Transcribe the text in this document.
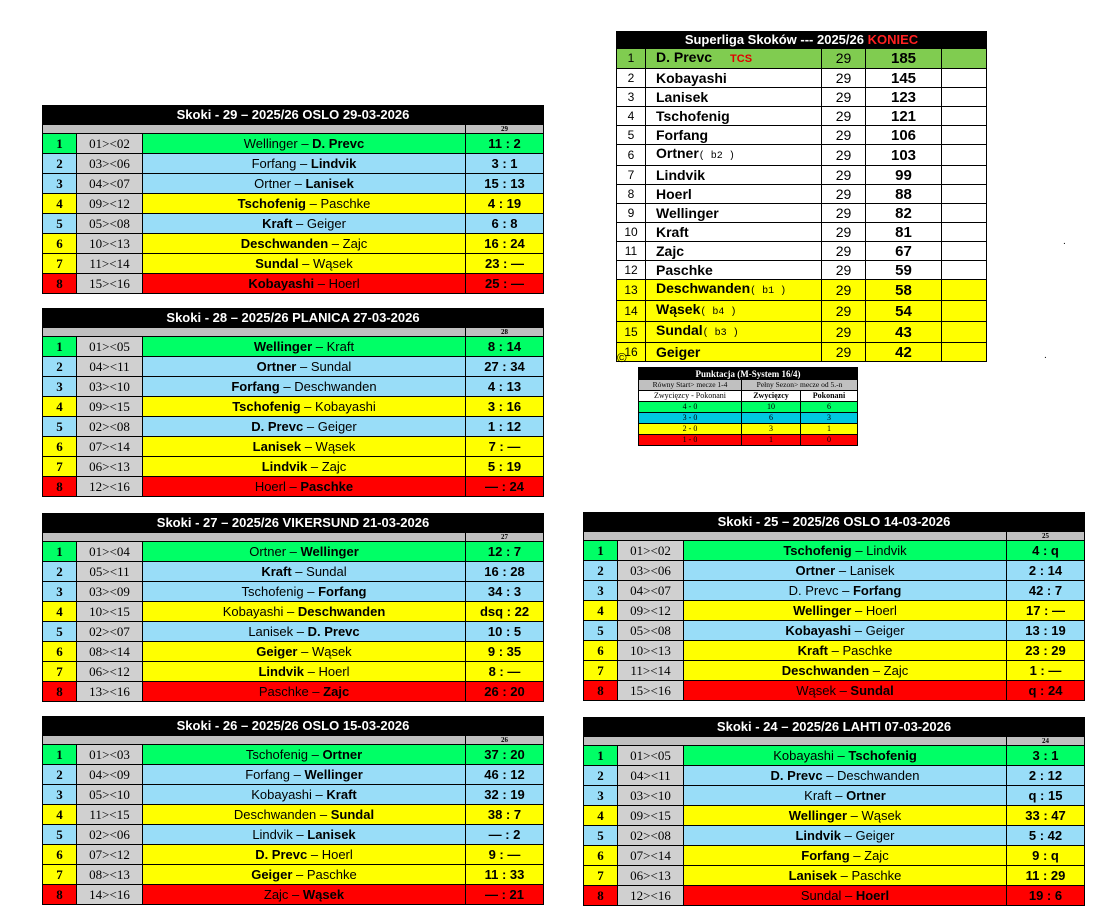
Superliga Skoków --- 2025/26 KONIEC				
1	D. Prevc TCS	29	185	
2	Kobayashi	29	145	
3	Lanisek	29	123	
4	Tschofenig	29	121	
5	Forfang	29	106	
6	Ortner( b2 )	29	103	
7	Lindvik	29	99	
8	Hoerl	29	88	
9	Wellinger	29	82	
10	Kraft	29	81	
11	Zajc	29	67	
12	Paschke	29	59	
13	Deschwanden( b1 )	29	58	
14	Wąsek( b4 )	29	54	
15	Sundal( b3 )	29	43	
16	Geiger	29	42	
©
Punktacja (M-System 16/4)		
Równy Start> mecze 1-4	Pełny Sezon> mecze od 5.-n	
Zwycięzcy - Pokonani	Zwycięzcy	Pokonani
4 - 0	10	6
3 - 0	6	3
2 - 0	3	1
1 - 0	1	0
.
.
Skoki - 29 – 2025/26 OSLO 29-03-2026			
			29
1	01><02	Wellinger – D. Prevc	11 : 2
2	03><06	Forfang – Lindvik	3 : 1
3	04><07	Ortner – Lanisek	15 : 13
4	09><12	Tschofenig – Paschke	4 : 19
5	05><08	Kraft – Geiger	6 : 8
6	10><13	Deschwanden – Zajc	16 : 24
7	11><14	Sundal – Wąsek	23 : —
8	15><16	Kobayashi – Hoerl	25 : —
Skoki - 28 – 2025/26 PLANICA 27-03-2026			
			28
1	01><05	Wellinger – Kraft	8 : 14
2	04><11	Ortner – Sundal	27 : 34
3	03><10	Forfang – Deschwanden	4 : 13
4	09><15	Tschofenig – Kobayashi	3 : 16
5	02><08	D. Prevc – Geiger	1 : 12
6	07><14	Lanisek – Wąsek	7 : —
7	06><13	Lindvik – Zajc	5 : 19
8	12><16	Hoerl – Paschke	— : 24
Skoki - 27 – 2025/26 VIKERSUND 21-03-2026			
			27
1	01><04	Ortner – Wellinger	12 : 7
2	05><11	Kraft – Sundal	16 : 28
3	03><09	Tschofenig – Forfang	34 : 3
4	10><15	Kobayashi – Deschwanden	dsq : 22
5	02><07	Lanisek – D. Prevc	10 : 5
6	08><14	Geiger – Wąsek	9 : 35
7	06><12	Lindvik – Hoerl	8 : —
8	13><16	Paschke – Zajc	26 : 20
Skoki - 25 – 2025/26 OSLO 14-03-2026			
			25
1	01><02	Tschofenig – Lindvik	4 : q
2	03><06	Ortner – Lanisek	2 : 14
3	04><07	D. Prevc – Forfang	42 : 7
4	09><12	Wellinger – Hoerl	17 : —
5	05><08	Kobayashi – Geiger	13 : 19
6	10><13	Kraft – Paschke	23 : 29
7	11><14	Deschwanden – Zajc	1 : —
8	15><16	Wąsek – Sundal	q : 24
Skoki - 26 – 2025/26 OSLO 15-03-2026			
			26
1	01><03	Tschofenig – Ortner	37 : 20
2	04><09	Forfang – Wellinger	46 : 12
3	05><10	Kobayashi – Kraft	32 : 19
4	11><15	Deschwanden – Sundal	38 : 7
5	02><06	Lindvik – Lanisek	— : 2
6	07><12	D. Prevc – Hoerl	9 : —
7	08><13	Geiger – Paschke	11 : 33
8	14><16	Zajc – Wąsek	— : 21
Skoki - 24 – 2025/26 LAHTI 07-03-2026			
			24
1	01><05	Kobayashi – Tschofenig	3 : 1
2	04><11	D. Prevc – Deschwanden	2 : 12
3	03><10	Kraft – Ortner	q : 15
4	09><15	Wellinger – Wąsek	33 : 47
5	02><08	Lindvik – Geiger	5 : 42
6	07><14	Forfang – Zajc	9 : q
7	06><13	Lanisek – Paschke	11 : 29
8	12><16	Sundal – Hoerl	19 : 6
